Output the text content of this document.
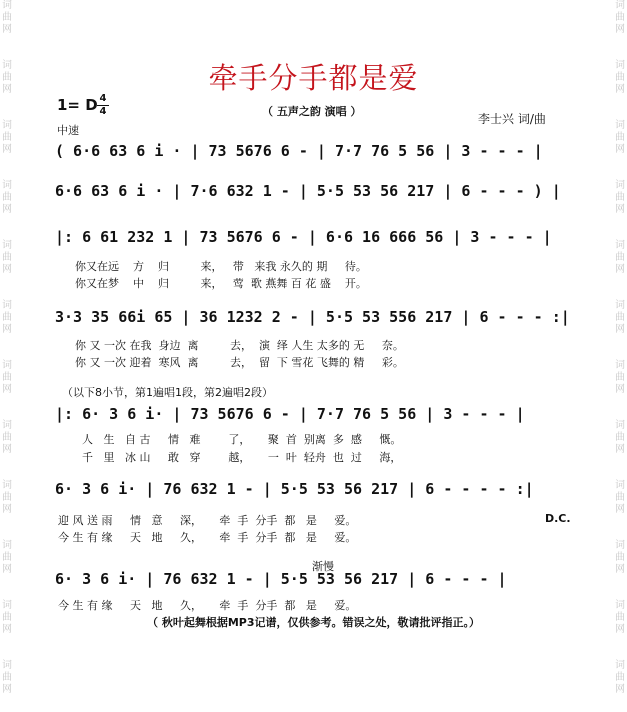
词曲网
词曲网
词曲网
词曲网
词曲网
词曲网
词曲网
词曲网
词曲网
词曲网
词曲网
词曲网
词曲网
词曲网
词曲网
词曲网
词曲网
词曲网
词曲网
词曲网
词曲网
词曲网
词曲网
词曲网
牵手分手都是爱
1= D 4
4	（ 五声之韵 演唱 ）
李士兴 词/曲
中速
( 6·6 63 6 i · | 73 5676 6 - | 7·7 76 5 56 | 3 - - - |
6·6 63 6 i · | 7·6 632 1 - | 5·5 53 56 217 | 6 - - - ) |
|: 6 61 232 1 | 73 5676 6 - | 6·6 16 666 56 | 3 - - - |
你又在远    方    归         来，   带   来我 永久的 期     待。
你又在梦    中    归         来，   莺  歌 燕舞 百 花 盛    开。
3·3 35 66i 65 | 36 1232 2 - | 5·5 53 556 217 | 6 - - - :|
你 又 一次 在我  身边  离         去，  演  绎 人生 太多的 无     奈。
你 又 一次 迎着  寒风  离         去，  留  下 雪花 飞舞的 精     彩。
（以下8小节，第1遍唱1段，第2遍唱2段）
|: 6· 3 6 i· | 73 5676 6 - | 7·7 76 5 56 | 3 - - - |
人   生   自 古     情   难        了，     聚  首  别离  多  感     慨。
千   里   冰 山     敢   穿        越，     一  叶  轻舟  也  过     海，
6· 3 6 i· | 76 632 1 - | 5·5 53 56 217 | 6 - - - - :|
迎 风 送 雨     情   意     深，     牵  手  分手  都   是     爱。
今 生 有 缘     天   地     久，     牵  手  分手  都   是     爱。
D.C.
渐慢
6· 3 6 i· | 76 632 1 - | 5·5 53 56 217 | 6 - - - |
今 生 有 缘     天   地     久，     牵  手  分手  都   是     爱。
（ 秋叶起舞根据MP3记谱，仅供参考。错误之处，敬请批评指正。）
